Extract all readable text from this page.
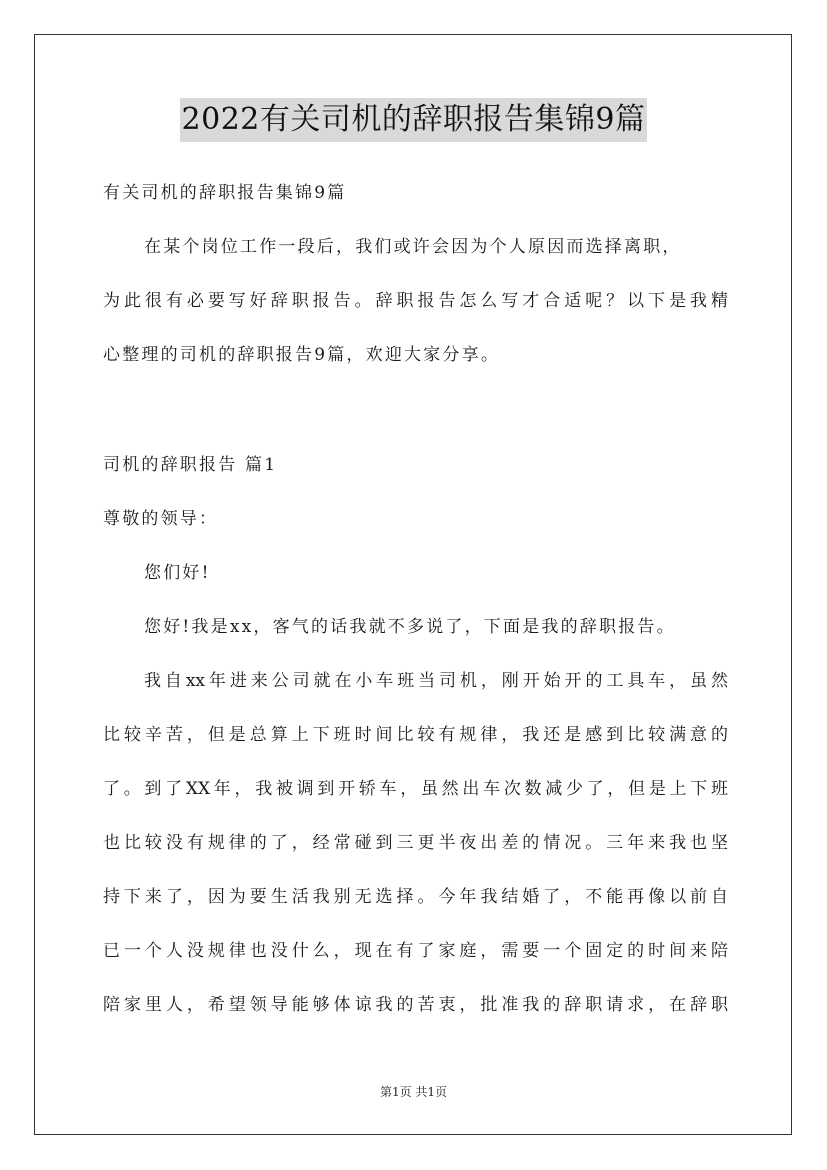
2022有关司机的辞职报告集锦9篇
有关司机的辞职报告集锦9篇
在某个岗位工作一段后，我们或许会因为个人原因而选择离职，
为此很有必要写好辞职报告。辞职报告怎么写才合适呢？以下是我精
心整理的司机的辞职报告9篇，欢迎大家分享。
司机的辞职报告 篇1
尊敬的领导：
您们好!
您好!我是xx，客气的话我就不多说了，下面是我的辞职报告。
我自xx年进来公司就在小车班当司机，刚开始开的工具车，虽然
比较辛苦，但是总算上下班时间比较有规律，我还是感到比较满意的
了。到了XX年，我被调到开轿车，虽然出车次数减少了，但是上下班
也比较没有规律的了，经常碰到三更半夜出差的情况。三年来我也坚
持下来了，因为要生活我别无选择。今年我结婚了，不能再像以前自
已一个人没规律也没什么，现在有了家庭，需要一个固定的时间来陪
陪家里人，希望领导能够体谅我的苦衷，批准我的辞职请求，在辞职
第1页 共1页
